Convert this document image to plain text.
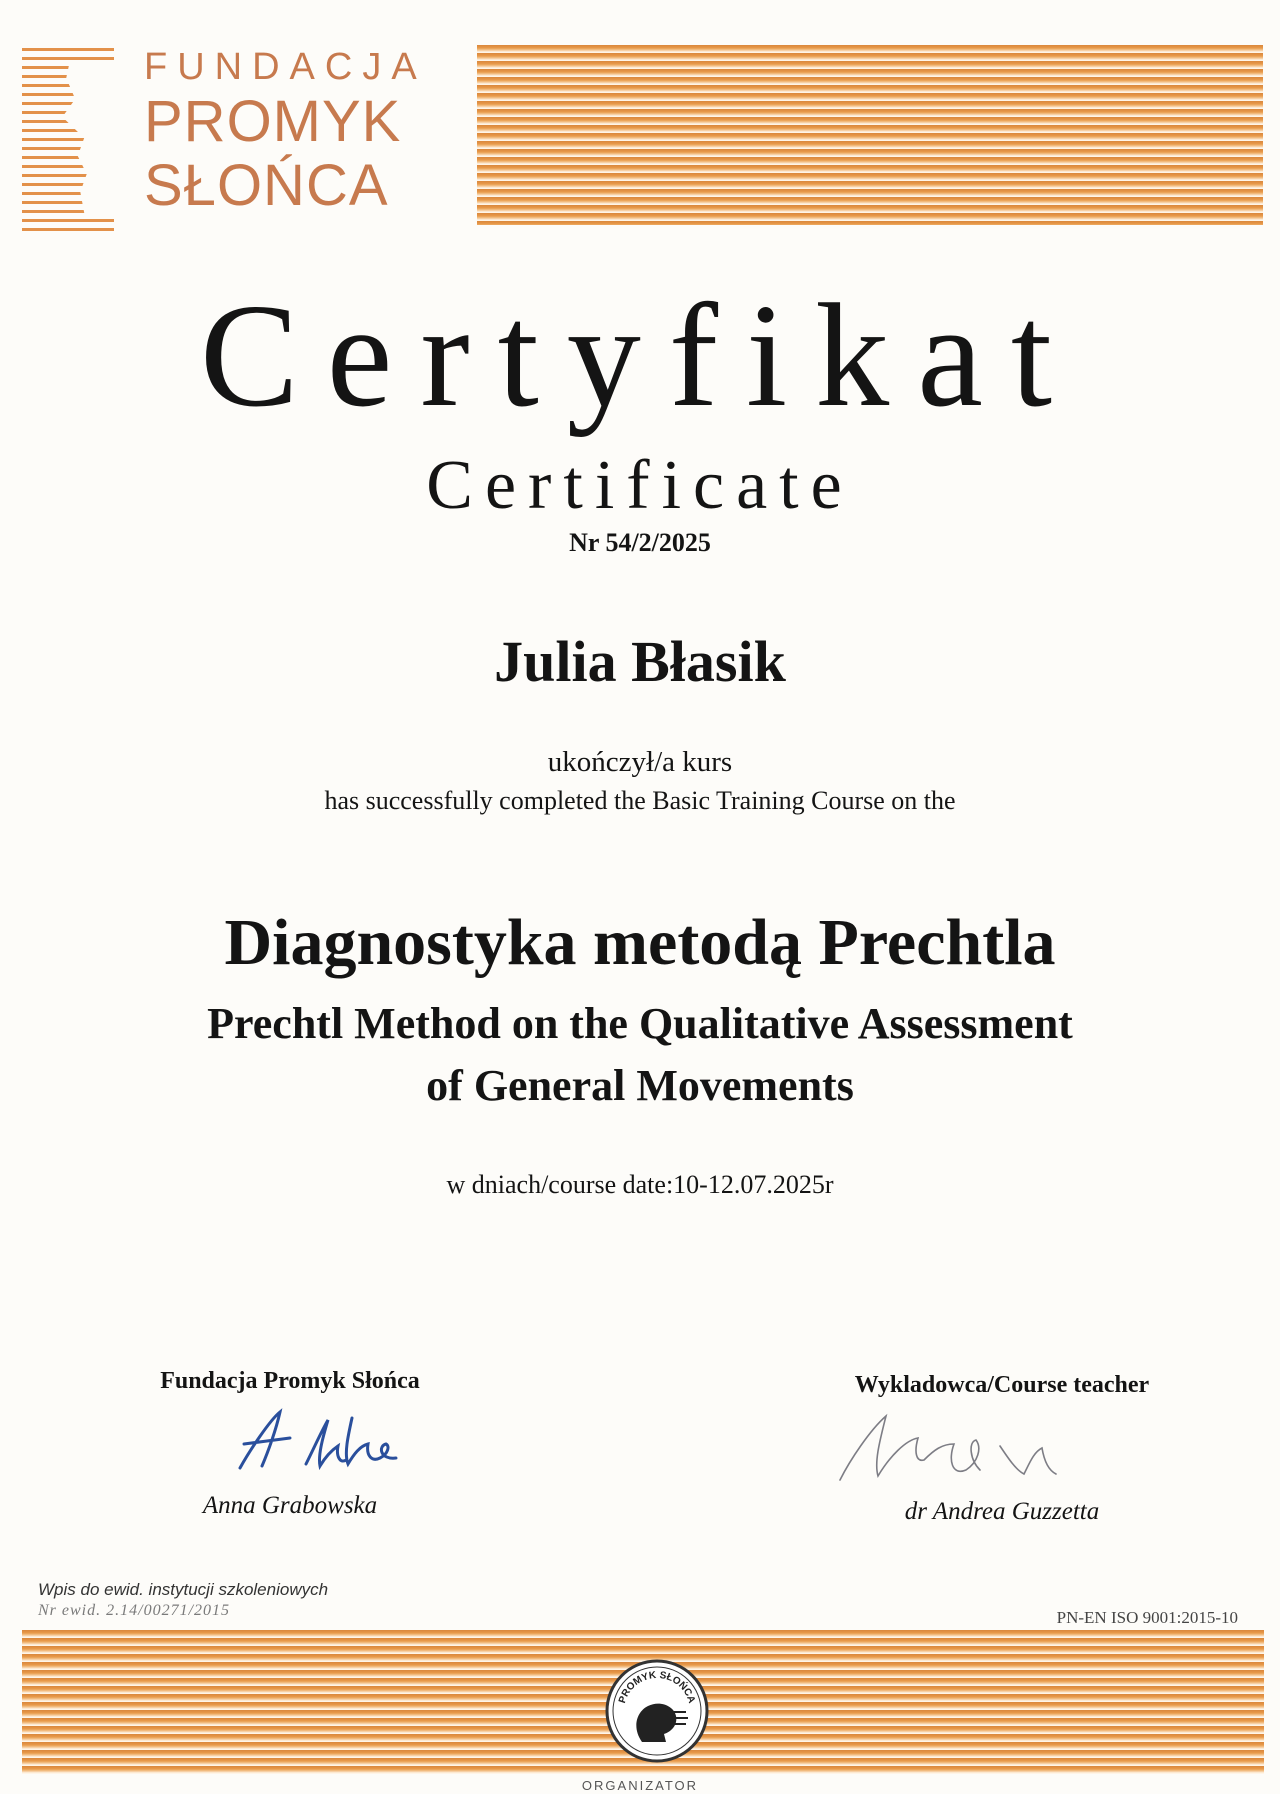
FUNDACJA
PROMYK
SŁOŃCA
Certyfikat
Certificate
Nr 54/2/2025
Julia Błasik
ukończył/a kurs
has successfully completed the Basic Training Course on the
Diagnostyka metodą Prechtla
Prechtl Method on the Qualitative Assessment
of General Movements
w dniach/course date:10-12.07.2025r
Fundacja Promyk Słońca
Anna Grabowska
Wykladowca/Course teacher
dr Andrea Guzzetta
Wpis do ewid. instytucji szkoleniowych
Nr ewid. 2.14/00271/2015	PN-EN ISO 9001:2015-10
PROMYK SŁOŃCA
ORGANIZATOR
